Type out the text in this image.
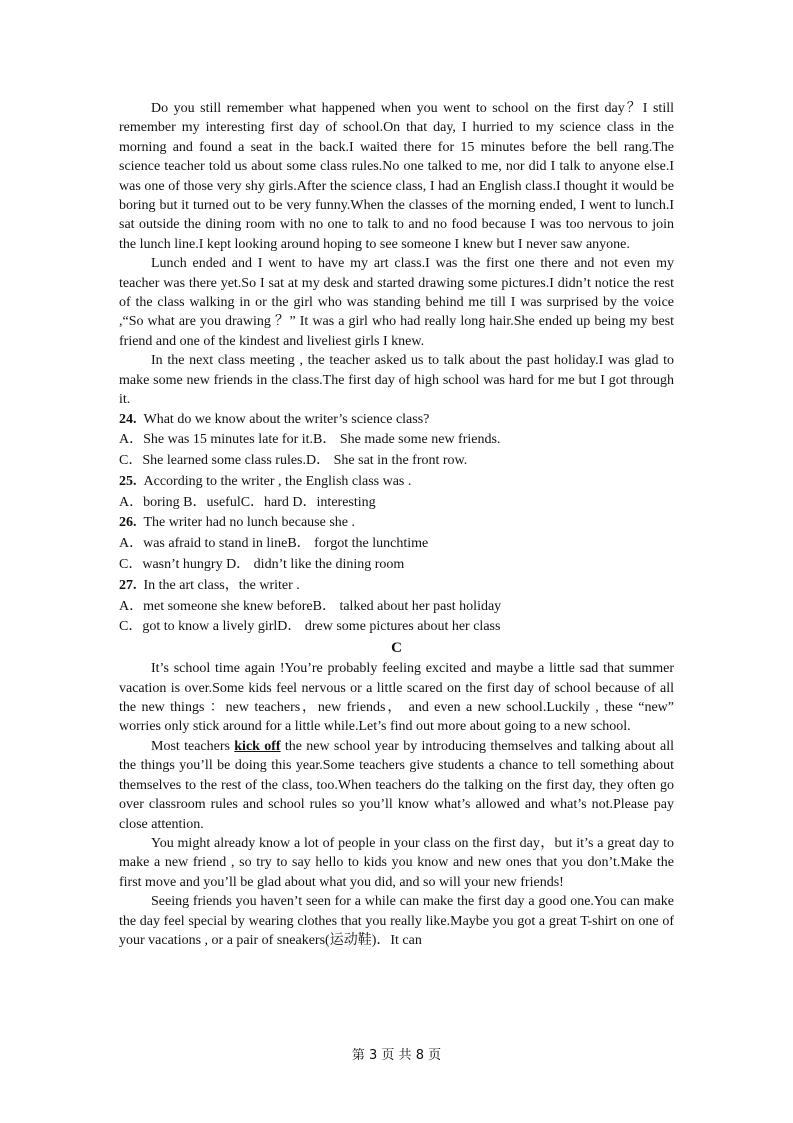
Do you still remember what happened when you went to school on the first day？I still remember my interesting first day of school.On that day, I hurried to my science class in the morning and found a seat in the back.I waited there for 15 minutes before the bell rang.The science teacher told us about some class rules.No one talked to me, nor did I talk to anyone else.I was one of those very shy girls.After the science class, I had an English class.I thought it would be boring but it turned out to be very funny.When the classes of the morning ended, I went to lunch.I sat outside the dining room with no one to talk to and no food because I was too nervous to join the lunch line.I kept looking around hoping to see someone I knew but I never saw anyone.

Lunch ended and I went to have my art class.I was the first one there and not even my teacher was there yet.So I sat at my desk and started drawing some pictures.I didn’t notice the rest of the class walking in or the girl who was standing behind me till I was surprised by the voice ,“So what are you drawing ？” It was a girl who had really long hair.She ended up being my best friend and one of the kindest and liveliest girls I knew.

In the next class meeting , the teacher asked us to talk about the past holiday.I was glad to make some new friends in the class.The first day of high school was hard for me but I got through it.

24. What do we know about the writer’s science class?

A．She was 15 minutes late for it.B． She made some new friends.

C．She learned some class rules.D． She sat in the front row.

25. According to the writer , the English class was .

A．boring B．usefulC．hard D．interesting

26. The writer had no lunch because she .

A．was afraid to stand in lineB． forgot the lunchtime

C．wasn’t hungry D． didn’t like the dining room

27. In the art class，the writer .

A．met someone she knew beforeB． talked about her past holiday

C．got to know a lively girlD． drew some pictures about her class

C

It’s school time again !You’re probably feeling excited and maybe a little sad that summer vacation is over.Some kids feel nervous or a little scared on the first day of school because of all the new things ：new teachers，new friends， and even a new school.Luckily , these “new” worries only stick around for a little while.Let’s find out more about going to a new school.

Most teachers kick off the new school year by introducing themselves and talking about all the things you’ll be doing this year.Some teachers give students a chance to tell something about themselves to the rest of the class, too.When teachers do the talking on the first day, they often go over classroom rules and school rules so you’ll know what’s allowed and what’s not.Please pay close attention.

You might already know a lot of people in your class on the first day，but it’s a great day to make a new friend , so try to say hello to kids you know and new ones that you don’t.Make the first move and you’ll be glad about what you did, and so will your new friends!

Seeing friends you haven’t seen for a while can make the first day a good one.You can make the day feel special by wearing clothes that you really like.Maybe you got a great T-shirt on one of your vacations , or a pair of sneakers(运动鞋)．It can

第 3 页 共 8 页
